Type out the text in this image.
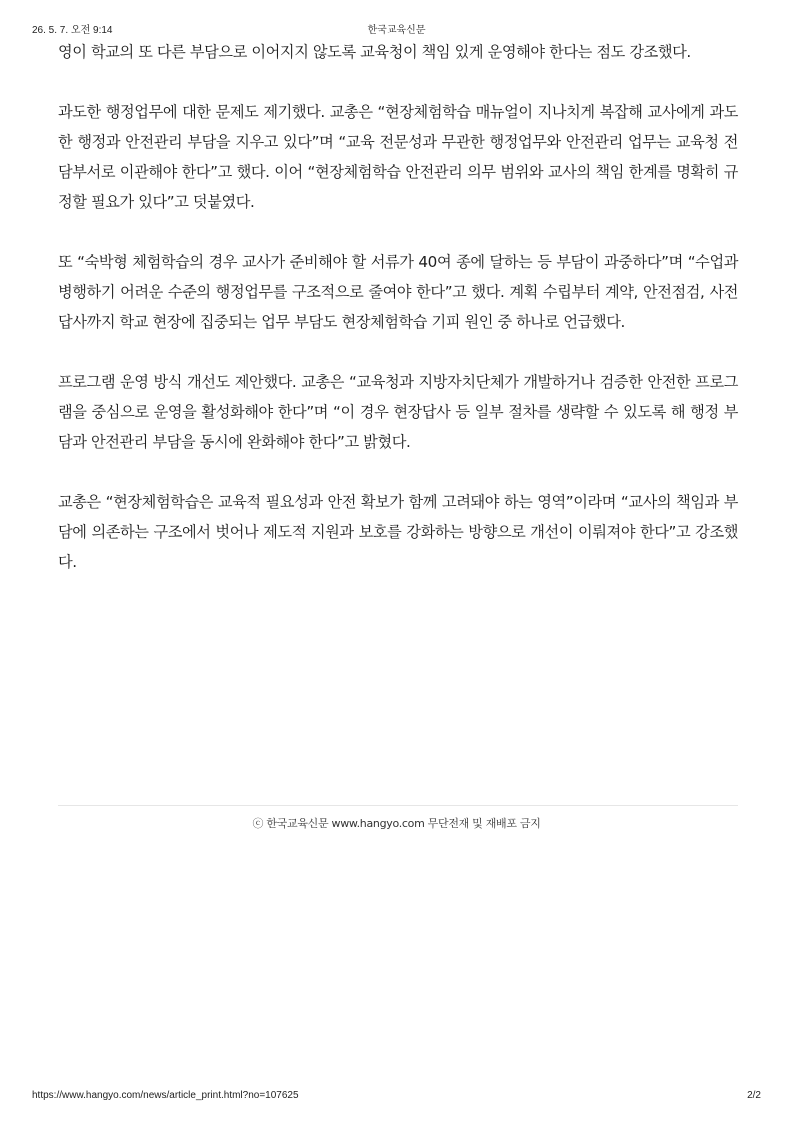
26. 5. 7. 오전 9:14	한국교육신문

영이 학교의 또 다른 부담으로 이어지지 않도록 교육청이 책임 있게 운영해야 한다는 점도 강조했다.

과도한 행정업무에 대한 문제도 제기했다. 교총은 “현장체험학습 매뉴얼이 지나치게 복잡해 교사에게 과도한 행정과 안전관리 부담을 지우고 있다”며 “교육 전문성과 무관한 행정업무와 안전관리 업무는 교육청 전담부서로 이관해야 한다”고 했다. 이어 “현장체험학습 안전관리 의무 범위와 교사의 책임 한계를 명확히 규정할 필요가 있다”고 덧붙였다.

또 “숙박형 체험학습의 경우 교사가 준비해야 할 서류가 40여 종에 달하는 등 부담이 과중하다”며 “수업과 병행하기 어려운 수준의 행정업무를 구조적으로 줄여야 한다”고 했다. 계획 수립부터 계약, 안전점검, 사전답사까지 학교 현장에 집중되는 업무 부담도 현장체험학습 기피 원인 중 하나로 언급했다.

프로그램 운영 방식 개선도 제안했다. 교총은 “교육청과 지방자치단체가 개발하거나 검증한 안전한 프로그램을 중심으로 운영을 활성화해야 한다”며 “이 경우 현장답사 등 일부 절차를 생략할 수 있도록 해 행정 부담과 안전관리 부담을 동시에 완화해야 한다”고 밝혔다.

교총은 “현장체험학습은 교육적 필요성과 안전 확보가 함께 고려돼야 하는 영역”이라며 “교사의 책임과 부담에 의존하는 구조에서 벗어나 제도적 지원과 보호를 강화하는 방향으로 개선이 이뤄져야 한다”고 강조했다.

ⓒ 한국교육신문 www.hangyo.com 무단전재 및 재배포 금지
https://www.hangyo.com/news/article_print.html?no=107625	2/2
